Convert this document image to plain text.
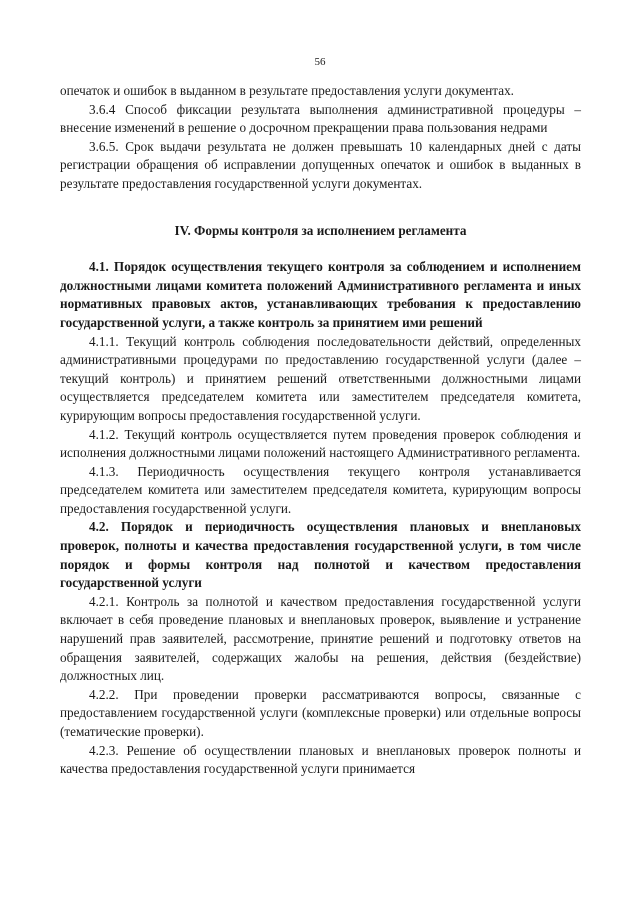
56

опечаток и ошибок в выданном в результате предоставления услуги документах.

3.6.4 Способ фиксации результата выполнения административной процедуры – внесение изменений в решение о досрочном прекращении права пользования недрами

3.6.5. Срок выдачи результата не должен превышать 10 календарных дней с даты регистрации обращения об исправлении допущенных опечаток и ошибок в выданных в результате предоставления государственной услуги документах.

IV. Формы контроля за исполнением регламента

4.1. Порядок осуществления текущего контроля за соблюдением и исполнением должностными лицами комитета положений Административного регламента и иных нормативных правовых актов, устанавливающих требования к предоставлению государственной услуги, а также контроль за принятием ими решений

4.1.1. Текущий контроль соблюдения последовательности действий, определенных административными процедурами по предоставлению государственной услуги (далее – текущий контроль) и принятием решений ответственными должностными лицами осуществляется председателем комитета или заместителем председателя комитета, курирующим вопросы предоставления государственной услуги.

4.1.2. Текущий контроль осуществляется путем проведения проверок соблюдения и исполнения должностными лицами положений настоящего Административного регламента.

4.1.3. Периодичность осуществления текущего контроля устанавливается председателем комитета или заместителем председателя комитета, курирующим вопросы предоставления государственной услуги.

4.2. Порядок и периодичность осуществления плановых и внеплановых проверок, полноты и качества предоставления государственной услуги, в том числе порядок и формы контроля над полнотой и качеством предоставления государственной услуги

4.2.1. Контроль за полнотой и качеством предоставления государственной услуги включает в себя проведение плановых и внеплановых проверок, выявление и устранение нарушений прав заявителей, рассмотрение, принятие решений и подготовку ответов на обращения заявителей, содержащих жалобы на решения, действия (бездействие) должностных лиц.

4.2.2. При проведении проверки рассматриваются вопросы, связанные с предоставлением государственной услуги (комплексные проверки) или отдельные вопросы (тематические проверки).

4.2.3. Решение об осуществлении плановых и внеплановых проверок полноты и качества предоставления государственной услуги принимается
